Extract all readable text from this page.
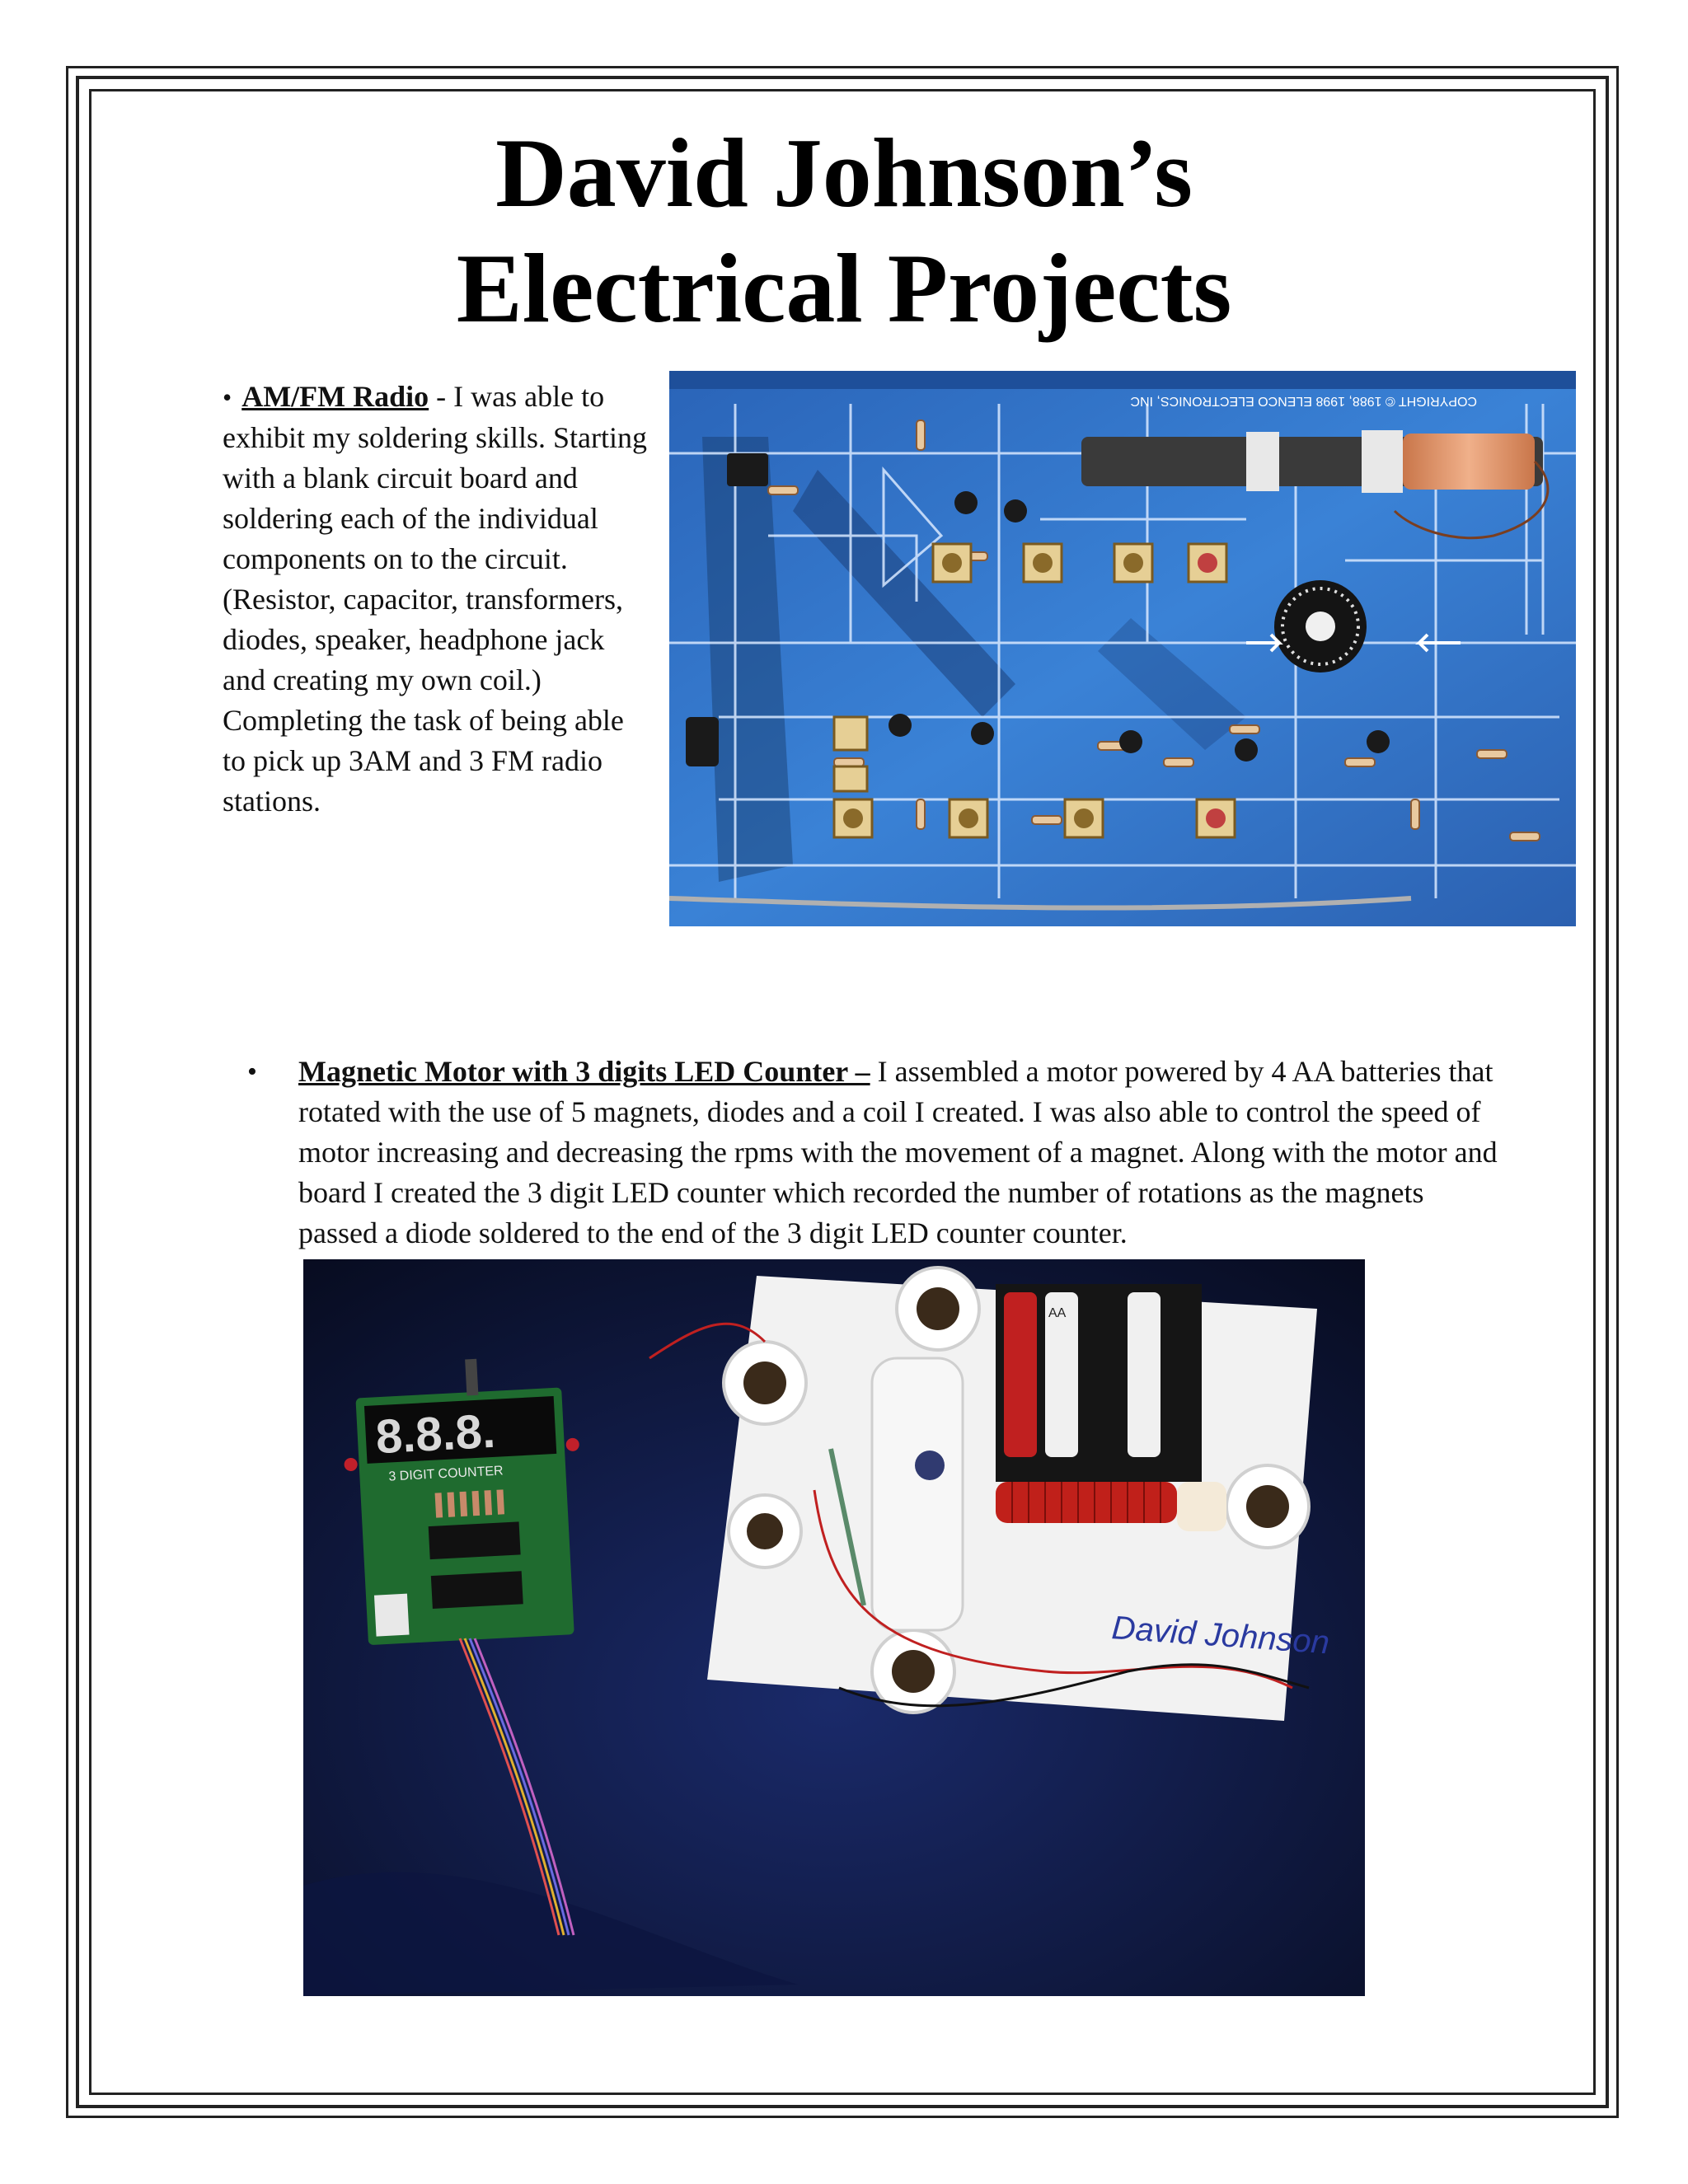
David Johnson’s
Electrical Projects

• AM/FM Radio - I was able to exhibit my soldering skills. Starting with a blank circuit board and soldering each of the individual components on to the circuit. (Resistor, capacitor, transformers, diodes, speaker, headphone jack and creating my own coil.) Completing the task of being able to pick up 3AM and 3 FM radio stations.

COPYRIGHT © 1988, 1998 ELENCO ELECTRONICS, INC
• Magnetic Motor with 3 digits LED Counter – I assembled a motor powered by 4 AA batteries that rotated with the use of 5 magnets, diodes and a coil I created. I was also able to control the speed of motor increasing and decreasing the rpms with the movement of a magnet. Along with the motor and board I created the 3 digit LED counter which recorded the number of rotations as the magnets passed a diode soldered to the end of the 3 digit LED counter counter.

8.8.8.
3 DIGIT COUNTER
AA
David Johnson
